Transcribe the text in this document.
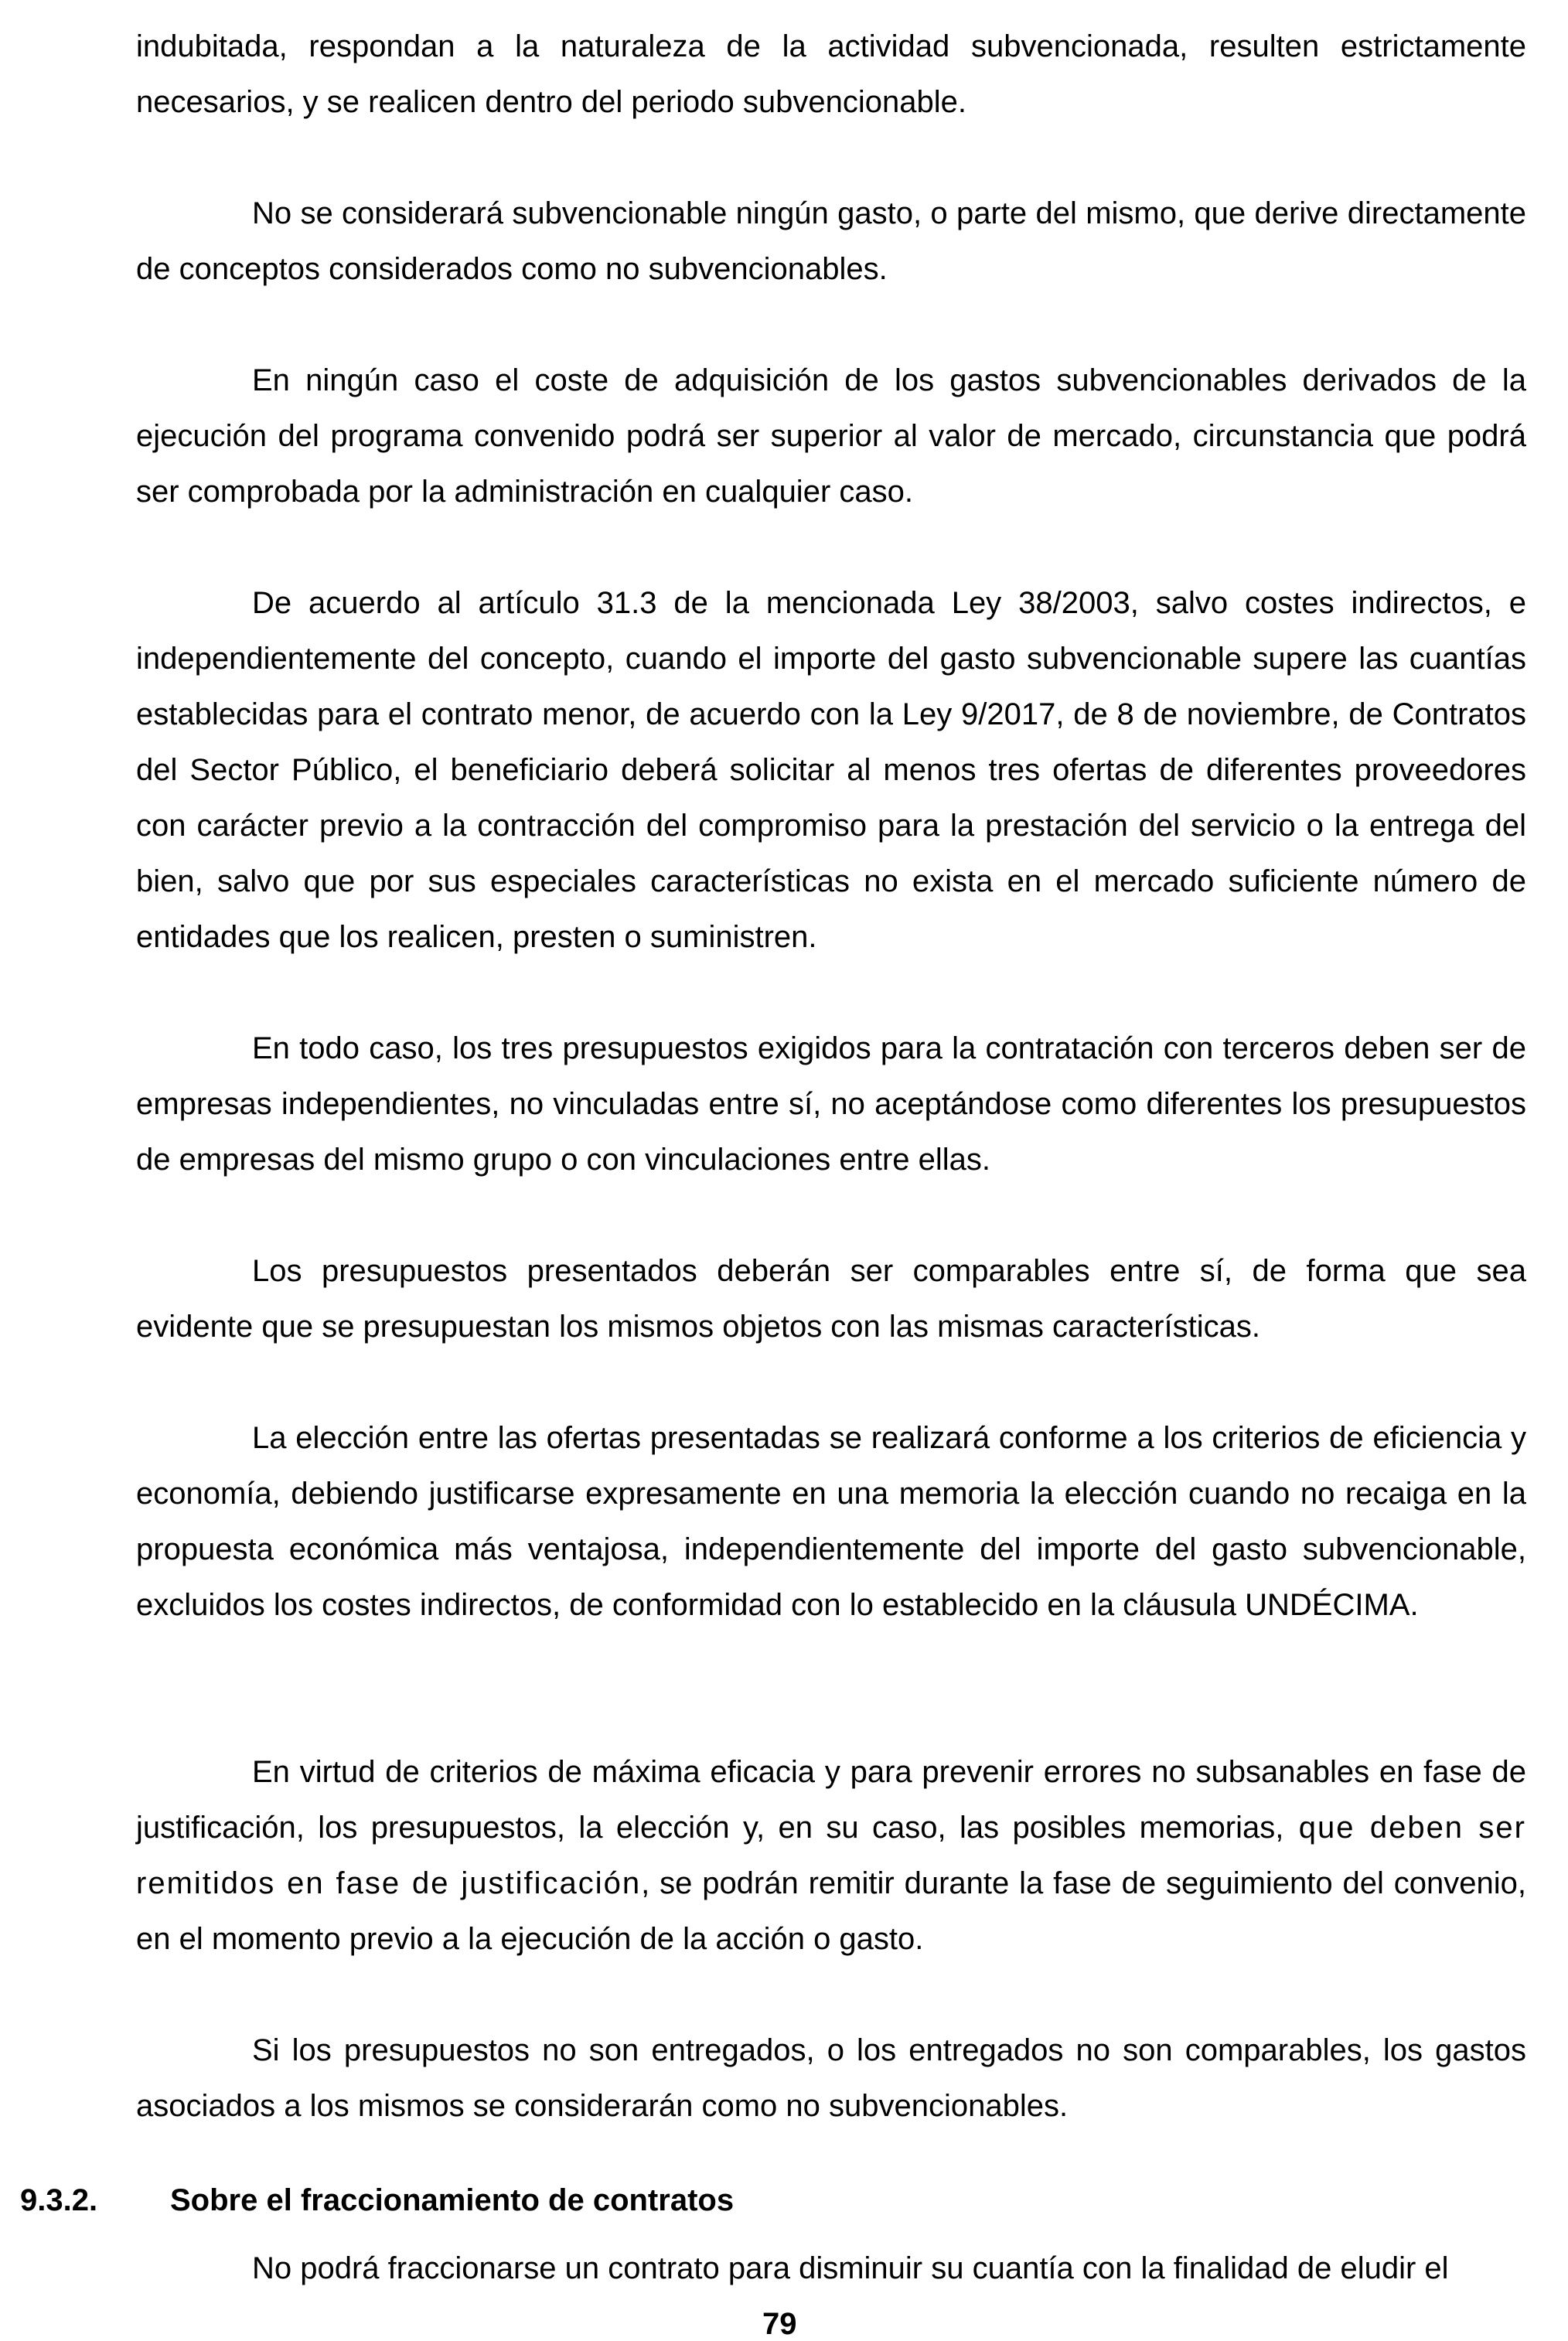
indubitada, respondan a la naturaleza de la actividad subvencionada, resulten estrictamente necesarios, y se realicen dentro del periodo subvencionable.

No se considerará subvencionable ningún gasto, o parte del mismo, que derive directamente de conceptos considerados como no subvencionables.

En ningún caso el coste de adquisición de los gastos subvencionables derivados de la ejecución del programa convenido podrá ser superior al valor de mercado, circunstancia que podrá ser comprobada por la administración en cualquier caso.

De acuerdo al artículo 31.3 de la mencionada Ley 38/2003, salvo costes indirectos, e independientemente del concepto, cuando el importe del gasto subvencionable supere las cuantías establecidas para el contrato menor, de acuerdo con la Ley 9/2017, de 8 de noviembre, de Contratos del Sector Público, el beneficiario deberá solicitar al menos tres ofertas de diferentes proveedores con carácter previo a la contracción del compromiso para la prestación del servicio o la entrega del bien, salvo que por sus especiales características no exista en el mercado suficiente número de entidades que los realicen, presten o suministren.

En todo caso, los tres presupuestos exigidos para la contratación con terceros deben ser de empresas independientes, no vinculadas entre sí, no aceptándose como diferentes los presupuestos de empresas del mismo grupo o con vinculaciones entre ellas.

Los presupuestos presentados deberán ser comparables entre sí, de forma que sea evidente que se presupuestan los mismos objetos con las mismas características.

La elección entre las ofertas presentadas se realizará conforme a los criterios de eficiencia y economía, debiendo justificarse expresamente en una memoria la elección cuando no recaiga en la propuesta económica más ventajosa, independientemente del importe del gasto subvencionable, excluidos los costes indirectos, de conformidad con lo establecido en la cláusula UNDÉCIMA.

En virtud de criterios de máxima eficacia y para prevenir errores no subsanables en fase de justificación, los presupuestos, la elección y, en su caso, las posibles memorias, que deben ser remitidos en fase de justificación, se podrán remitir durante la fase de seguimiento del convenio, en el momento previo a la ejecución de la acción o gasto.

Si los presupuestos no son entregados, o los entregados no son comparables, los gastos asociados a los mismos se considerarán como no subvencionables.

9.3.2. Sobre el fraccionamiento de contratos

No podrá fraccionarse un contrato para disminuir su cuantía con la finalidad de eludir el

79
